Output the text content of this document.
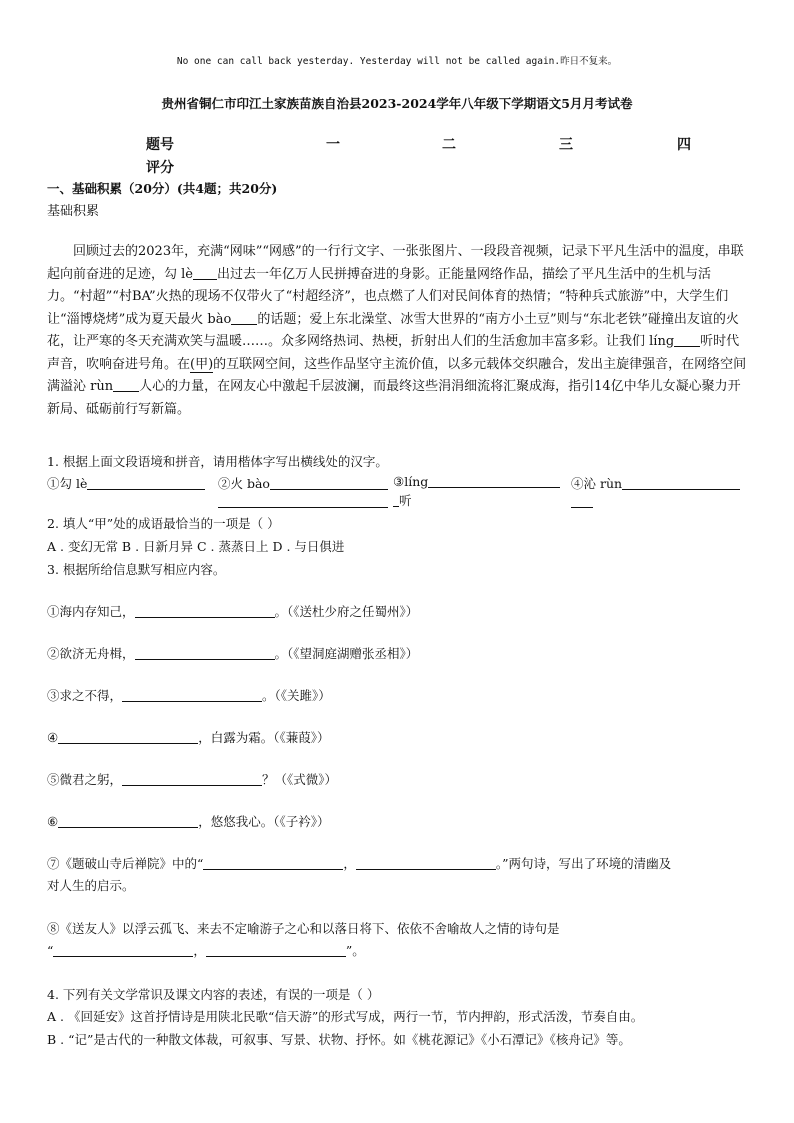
No one can call back yesterday. Yesterday will not be called again.昨日不复来。
贵州省铜仁市印江土家族苗族自治县2023-2024学年八年级下学期语文5月月考试卷
题号	一	二	三	四
评分
一、基础积累（20分）(共4题；共20分)
基础积累
回顾过去的2023年，充满“网味”“网感”的一行行文字、一张张图片、一段段音视频，记录下平凡生活中的温度，串联起向前奋进的足迹，勾 lè 出过去一年亿万人民拼搏奋进的身影。正能量网络作品，描绘了平凡生活中的生机与活力。“村超”“村BA”火热的现场不仅带火了“村超经济”，也点燃了人们对民间体育的热情；“特种兵式旅游”中，大学生们让“淄博烧烤”成为夏天最火 bào 的话题；爱上东北澡堂、冰雪大世界的“南方小土豆”则与“东北老铁”碰撞出友谊的火花，让严寒的冬天充满欢笑与温暖……。众多网络热词、热梗，折射出人们的生活愈加丰富多彩。让我们 líng 听时代声音，吹响奋进号角。在(甲)的互联网空间，这些作品坚守主流价值，以多元载体交织融合，发出主旋律强音，在网络空间满溢沁 rùn 人心的力量，在网友心中激起千层波澜，而最终这些涓涓细流将汇聚成海，指引14亿中华儿女凝心聚力开新局、砥砺前行写新篇。
1. 根据上面文段语境和拼音，请用楷体字写出横线处的汉字。
①勾 lè	②火 bào	③líng	④沁 rùn
听
2. 填人“甲”处的成语最恰当的一项是（ ）
A . 变幻无常 B . 日新月异 C . 蒸蒸日上 D . 与日俱进
3. 根据所给信息默写相应内容。
①海内存知己，	。（《送杜少府之任蜀州》）
②欲济无舟楫，	。（《望洞庭湖赠张丞相》）
③求之不得，	。（《关雎》）
④	，白露为霜。（《蒹葭》）
⑤微君之躬，	？（《式微》）
⑥	，悠悠我心。（《子衿》）
⑦《题破山寺后禅院》中的“	，	。”两句诗，写出了环境的清幽及
对人生的启示。
⑧《送友人》以浮云孤飞、来去不定喻游子之心和以落日将下、依依不舍喻故人之情的诗句是
“	，	”。
4. 下列有关文学常识及课文内容的表述，有误的一项是（ ）
A . 《回延安》这首抒情诗是用陕北民歌“信天游”的形式写成，两行一节，节内押韵，形式活泼，节奏自由。
B . “记”是古代的一种散文体裁，可叙事、写景、状物、抒怀。如《桃花源记》《小石潭记》《核舟记》等。
